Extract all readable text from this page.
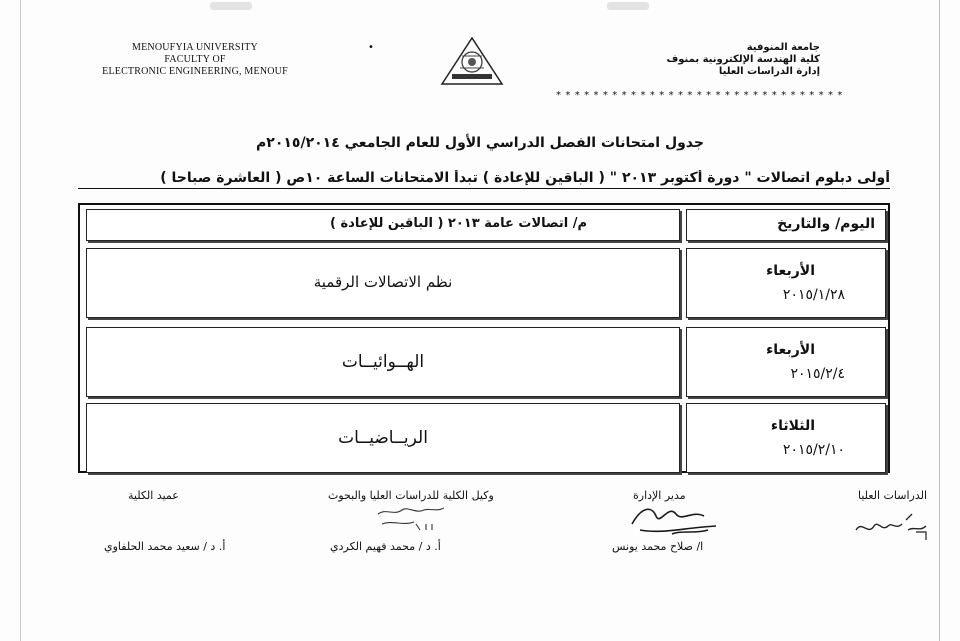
MENOUFYIA UNIVERSITY
FACULTY OF
ELECTRONIC ENGINEERING, MENOUF
•	جامعة المنوفية
كلية الهندسة الإلكترونية بمنوف
إدارة الدراسات العليا
* * * * * * * * * * * * * * * * * * * * * * * * * * * * * * *
جدول امتحانات الفصل الدراسي الأول للعام الجامعي ٢٠١٥/٢٠١٤م
أولى دبلوم اتصالات " دورة أكتوبر ٢٠١٣ " ( الباقين للإعادة ) تبدأ الامتحانات الساعة ١٠ص ( العاشرة صباحا )
اليوم/ والتاريخ
م/ اتصالات عامة ٢٠١٣ ( الباقين للإعادة )
الأربعاء
٢٠١٥/١/٢٨
نظم الاتصالات الرقمية
الأربعاء
٢٠١٥/٢/٤
الهــوائيــات
الثلاثاء
٢٠١٥/٢/١٠
الريــاضيــات
الدراسات العليا
مدير الإدارة
وكيل الكلية للدراسات العليا والبحوث
عميد الكلية
ا/ صلاح محمد يونس
أ. د / محمد فهيم الكردي
أ. د / سعيد محمد الحلفاوي
